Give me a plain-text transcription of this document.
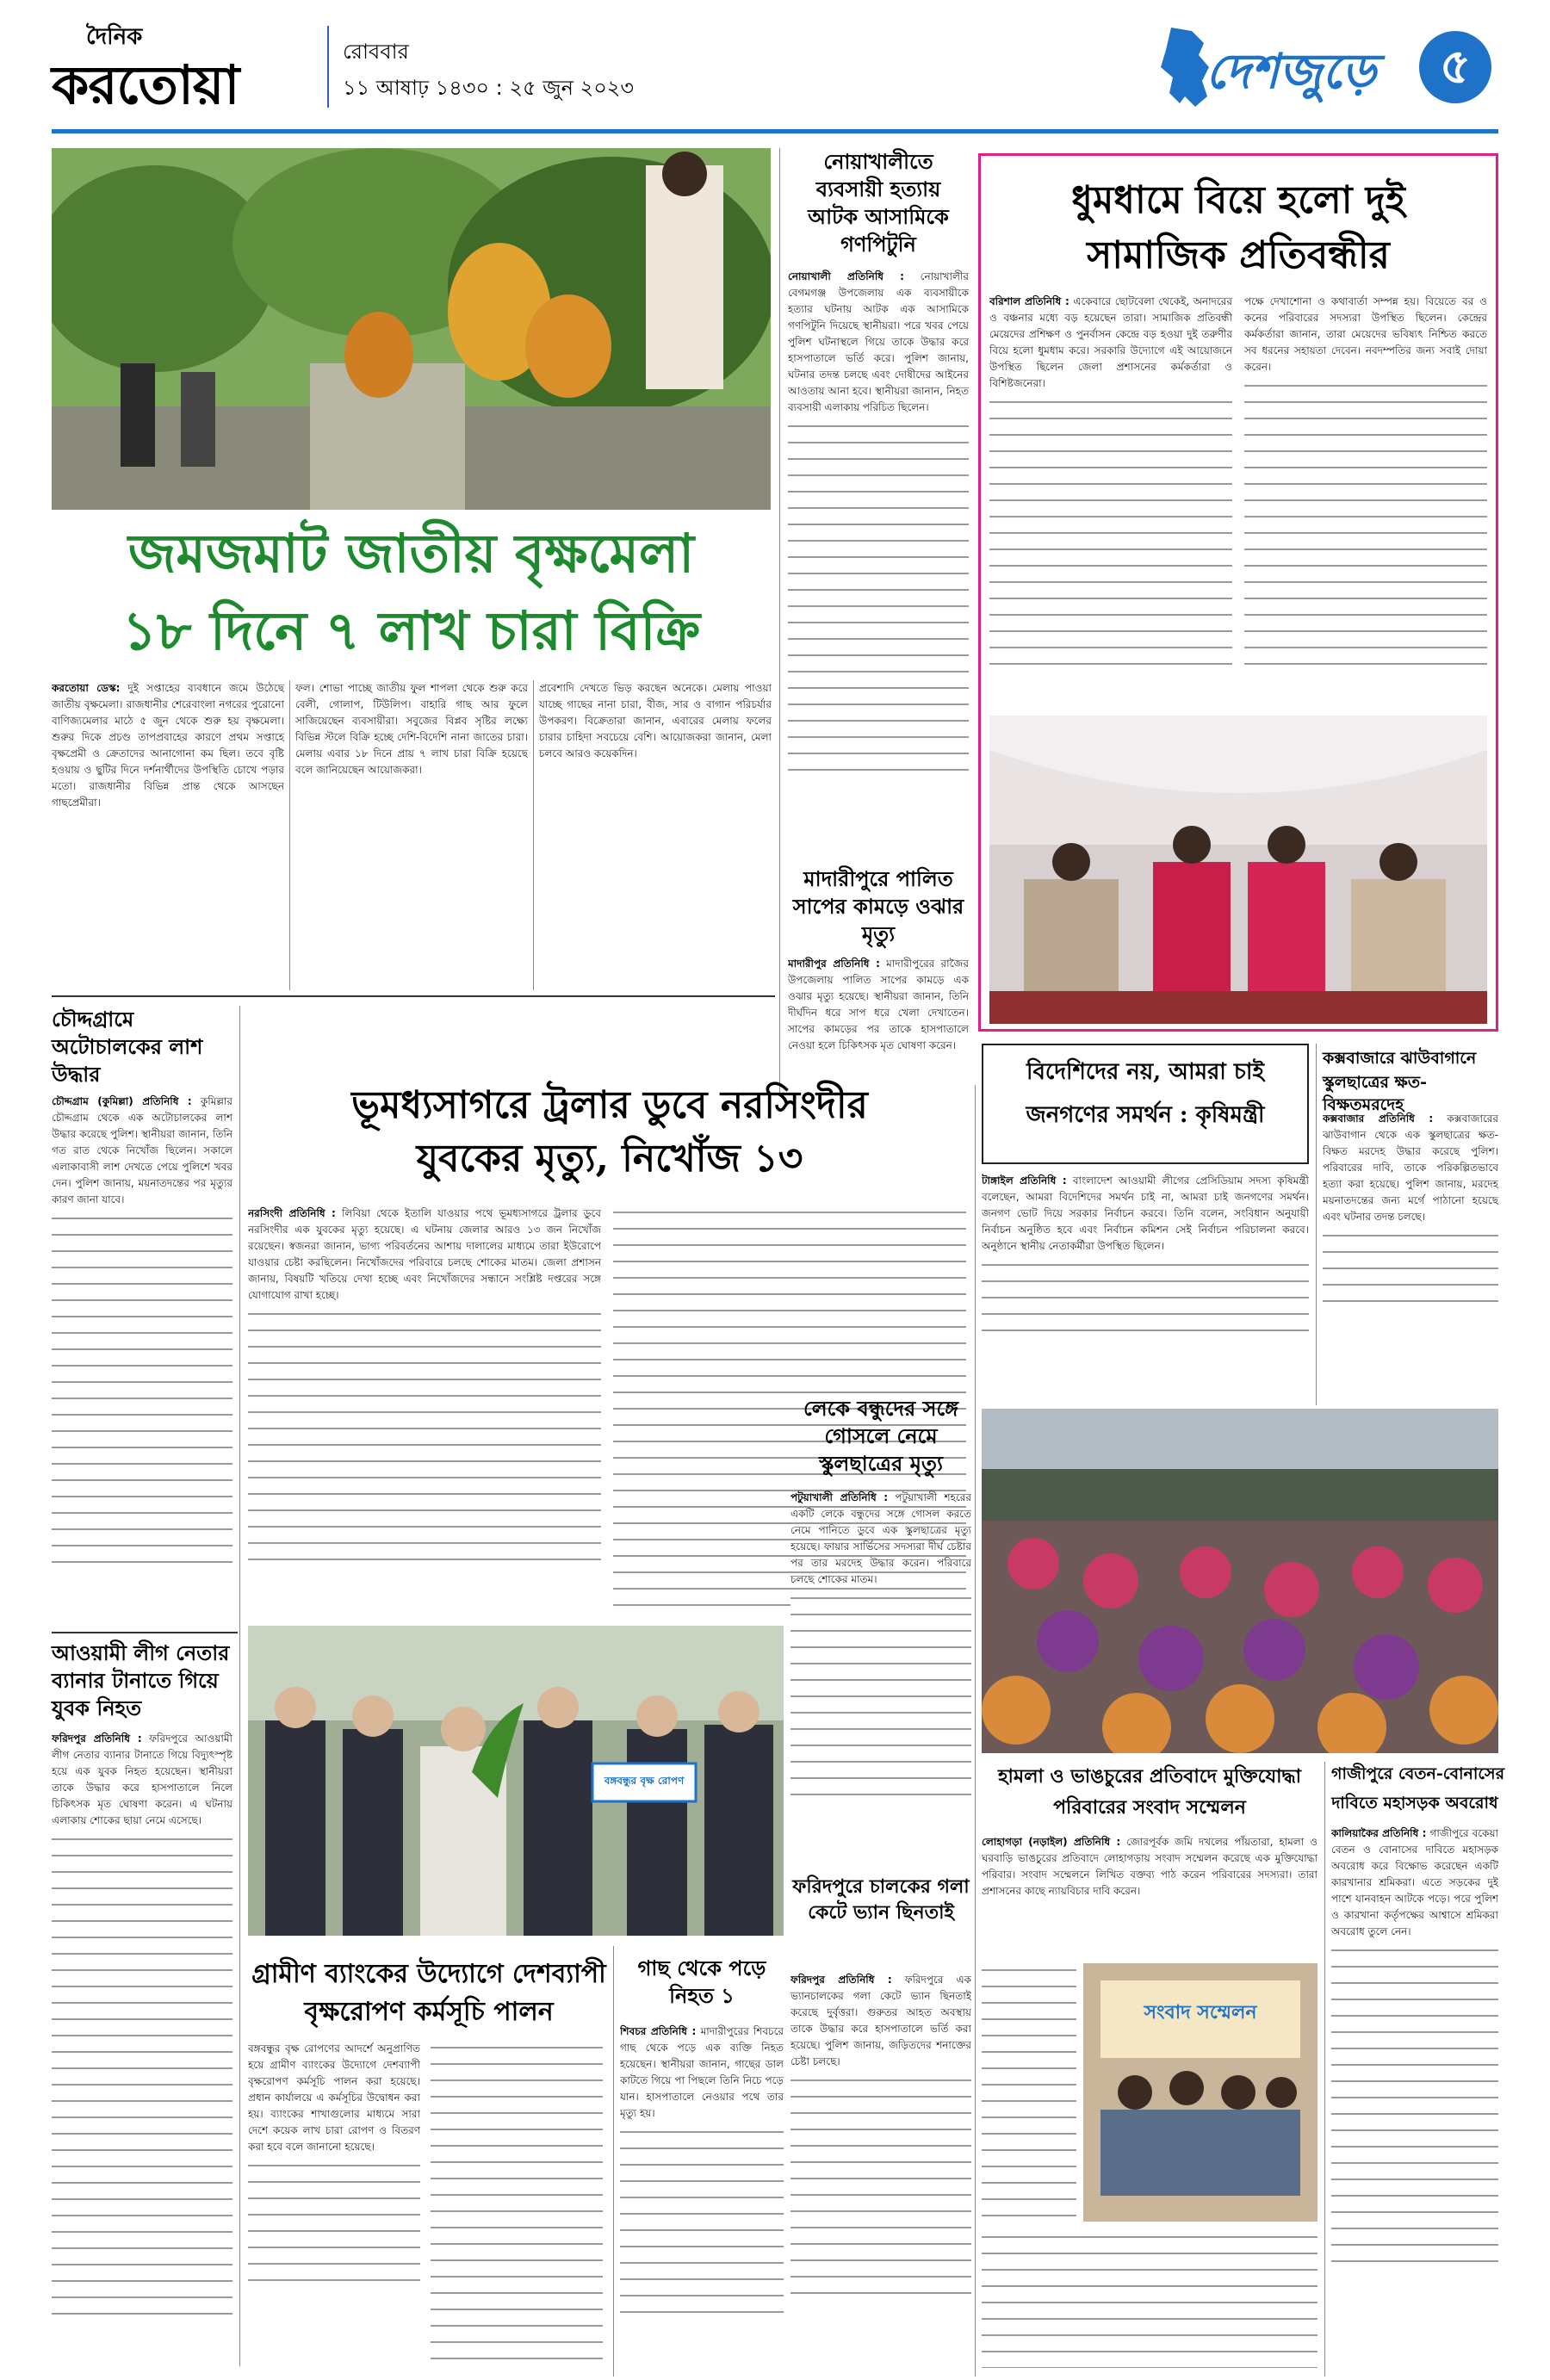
দৈনিক
করতোয়া
রোববার
১১ আষাঢ় ১৪৩০ : ২৫ জুন ২০২৩	দেশজুড়ে	৫
জমজমাট জাতীয় বৃক্ষমেলা
১৮ দিনে ৭ লাখ চারা বিক্রি
করতোয়া ডেস্ক: দুই সপ্তাহের ব্যবধানে জমে উঠেছে জাতীয় বৃক্ষমেলা। রাজধানীর শেরেবাংলা নগরের পুরোনো বাণিজ্যমেলার মাঠে ৫ জুন থেকে শুরু হয় বৃক্ষমেলা। শুরুর দিকে প্রচণ্ড তাপপ্রবাহের কারণে প্রথম সপ্তাহে বৃক্ষপ্রেমী ও ক্রেতাদের আনাগোনা কম ছিল। তবে বৃষ্টি হওয়ায় ও ছুটির দিনে দর্শনার্থীদের উপস্থিতি চোখে পড়ার মতো। রাজধানীর বিভিন্ন প্রান্ত থেকে আসছেন গাছপ্রেমীরা।
ফল। শোভা পাচ্ছে জাতীয় ফুল শাপলা থেকে শুরু করে বেলী, গোলাপ, টিউলিপ। বাহারি গাছ আর ফুলে সাজিয়েছেন ব্যবসায়ীরা। সবুজের বিপ্লব সৃষ্টির লক্ষ্যে বিভিন্ন স্টলে বিক্রি হচ্ছে দেশি-বিদেশি নানা জাতের চারা। মেলায় এবার ১৮ দিনে প্রায় ৭ লাখ চারা বিক্রি হয়েছে বলে জানিয়েছেন আয়োজকরা।
প্রবেশাদি দেখতে ভিড় করছেন অনেকে। মেলায় পাওয়া যাচ্ছে গাছের নানা চারা, বীজ, সার ও বাগান পরিচর্যার উপকরণ। বিক্রেতারা জানান, এবারের মেলায় ফলের চারার চাহিদা সবচেয়ে বেশি। আয়োজকরা জানান, মেলা চলবে আরও কয়েকদিন।
নোয়াখালীতে ব্যবসায়ী হত্যায় আটক আসামিকে গণপিটুনি
নোয়াখালী প্রতিনিধি : নোয়াখালীর বেগমগঞ্জ উপজেলায় এক ব্যবসায়ীকে হত্যার ঘটনায় আটক এক আসামিকে গণপিটুনি দিয়েছে স্থানীয়রা। পরে খবর পেয়ে পুলিশ ঘটনাস্থলে গিয়ে তাকে উদ্ধার করে হাসপাতালে ভর্তি করে। পুলিশ জানায়, ঘটনার তদন্ত চলছে এবং দোষীদের আইনের আওতায় আনা হবে। স্থানীয়রা জানান, নিহত ব্যবসায়ী এলাকায় পরিচিত ছিলেন।
ধুমধামে বিয়ে হলো দুই
সামাজিক প্রতিবন্ধীর
বরিশাল প্রতিনিধি : একেবারে ছোটবেলা থেকেই, অনাদরের ও বঞ্চনার মধ্যে বড় হয়েছেন তারা। সামাজিক প্রতিবন্ধী মেয়েদের প্রশিক্ষণ ও পুনর্বাসন কেন্দ্রে বড় হওয়া দুই তরুণীর বিয়ে হলো ধুমধাম করে। সরকারি উদ্যোগে এই আয়োজনে উপস্থিত ছিলেন জেলা প্রশাসনের কর্মকর্তারা ও বিশিষ্টজনেরা।
পক্ষে দেখাশোনা ও কথাবার্তা সম্পন্ন হয়। বিয়েতে বর ও কনের পরিবারের সদস্যরা উপস্থিত ছিলেন। কেন্দ্রের কর্মকর্তারা জানান, তারা মেয়েদের ভবিষ্যৎ নিশ্চিত করতে সব ধরনের সহায়তা দেবেন। নবদম্পতির জন্য সবাই দোয়া করেন।
মাদারীপুরে পালিত সাপের কামড়ে ওঝার মৃত্যু
মাদারীপুর প্রতিনিধি : মাদারীপুরের রাজৈর উপজেলায় পালিত সাপের কামড়ে এক ওঝার মৃত্যু হয়েছে। স্থানীয়রা জানান, তিনি দীর্ঘদিন ধরে সাপ ধরে খেলা দেখাতেন। সাপের কামড়ের পর তাকে হাসপাতালে নেওয়া হলে চিকিৎসক মৃত ঘোষণা করেন।
চৌদ্দগ্রামে অটোচালকের লাশ উদ্ধার
চৌদ্দগ্রাম (কুমিল্লা) প্রতিনিধি : কুমিল্লার চৌদ্দগ্রাম থেকে এক অটোচালকের লাশ উদ্ধার করেছে পুলিশ। স্থানীয়রা জানান, তিনি গত রাত থেকে নিখোঁজ ছিলেন। সকালে এলাকাবাসী লাশ দেখতে পেয়ে পুলিশে খবর দেন। পুলিশ জানায়, ময়নাতদন্তের পর মৃত্যুর কারণ জানা যাবে।
ভূমধ্যসাগরে ট্রলার ডুবে নরসিংদীর
যুবকের মৃত্যু, নিখোঁজ ১৩
নরসিংদী প্রতিনিধি : লিবিয়া থেকে ইতালি যাওয়ার পথে ভূমধ্যসাগরে ট্রলার ডুবে নরসিংদীর এক যুবকের মৃত্যু হয়েছে। এ ঘটনায় জেলার আরও ১৩ জন নিখোঁজ রয়েছেন। স্বজনরা জানান, ভাগ্য পরিবর্তনের আশায় দালালের মাধ্যমে তারা ইউরোপে যাওয়ার চেষ্টা করছিলেন। নিখোঁজদের পরিবারে চলছে শোকের মাতম। জেলা প্রশাসন জানায়, বিষয়টি খতিয়ে দেখা হচ্ছে এবং নিখোঁজদের সন্ধানে সংশ্লিষ্ট দপ্তরের সঙ্গে যোগাযোগ রাখা হচ্ছে।
বিদেশিদের নয়, আমরা চাই
জনগণের সমর্থন : কৃষিমন্ত্রী
টাঙ্গাইল প্রতিনিধি : বাংলাদেশ আওয়ামী লীগের প্রেসিডিয়াম সদস্য কৃষিমন্ত্রী বলেছেন, আমরা বিদেশিদের সমর্থন চাই না, আমরা চাই জনগণের সমর্থন। জনগণ ভোট দিয়ে সরকার নির্বাচন করবে। তিনি বলেন, সংবিধান অনুযায়ী নির্বাচন অনুষ্ঠিত হবে এবং নির্বাচন কমিশন সেই নির্বাচন পরিচালনা করবে। অনুষ্ঠানে স্থানীয় নেতাকর্মীরা উপস্থিত ছিলেন।
কক্সবাজারে ঝাউবাগানে
স্কুলছাত্রের ক্ষত-বিক্ষতমরদেহ
কক্সবাজার প্রতিনিধি : কক্সবাজারের ঝাউবাগান থেকে এক স্কুলছাত্রের ক্ষত-বিক্ষত মরদেহ উদ্ধার করেছে পুলিশ। পরিবারের দাবি, তাকে পরিকল্পিতভাবে হত্যা করা হয়েছে। পুলিশ জানায়, মরদেহ ময়নাতদন্তের জন্য মর্গে পাঠানো হয়েছে এবং ঘটনার তদন্ত চলছে।
হামলা ও ভাঙচুরের প্রতিবাদে মুক্তিযোদ্ধা
পরিবারের সংবাদ সম্মেলন
লোহাগড়া (নড়াইল) প্রতিনিধি : জোরপূর্বক জমি দখলের পাঁয়তারা, হামলা ও ঘরবাড়ি ভাঙচুরের প্রতিবাদে লোহাগড়ায় সংবাদ সম্মেলন করেছে এক মুক্তিযোদ্ধা পরিবার। সংবাদ সম্মেলনে লিখিত বক্তব্য পাঠ করেন পরিবারের সদস্যরা। তারা প্রশাসনের কাছে ন্যায়বিচার দাবি করেন।
সংবাদ সম্মেলন
গাজীপুরে বেতন-বোনাসের
দাবিতে মহাসড়ক অবরোধ
কালিয়াকৈর প্রতিনিধি : গাজীপুরে বকেয়া বেতন ও বোনাসের দাবিতে মহাসড়ক অবরোধ করে বিক্ষোভ করেছেন একটি কারখানার শ্রমিকরা। এতে সড়কের দুই পাশে যানবাহন আটকে পড়ে। পরে পুলিশ ও কারখানা কর্তৃপক্ষের আশ্বাসে শ্রমিকরা অবরোধ তুলে নেন।
বঙ্গবন্ধুর বৃক্ষ রোপণ
আওয়ামী লীগ নেতার ব্যানার টানাতে গিয়ে যুবক নিহত
ফরিদপুর প্রতিনিধি : ফরিদপুরে আওয়ামী লীগ নেতার ব্যানার টানাতে গিয়ে বিদ্যুৎস্পৃষ্ট হয়ে এক যুবক নিহত হয়েছেন। স্থানীয়রা তাকে উদ্ধার করে হাসপাতালে নিলে চিকিৎসক মৃত ঘোষণা করেন। এ ঘটনায় এলাকায় শোকের ছায়া নেমে এসেছে।
লেকে বন্ধুদের সঙ্গে গোসলে নেমে স্কুলছাত্রের মৃত্যু
পটুয়াখালী প্রতিনিধি : পটুয়াখালী শহরের একটি লেকে বন্ধুদের সঙ্গে গোসল করতে নেমে পানিতে ডুবে এক স্কুলছাত্রের মৃত্যু হয়েছে। ফায়ার সার্ভিসের সদস্যরা দীর্ঘ চেষ্টার পর তার মরদেহ উদ্ধার করেন। পরিবারে চলছে শোকের মাতম।
ফরিদপুরে চালকের গলা কেটে ভ্যান ছিনতাই
ফরিদপুর প্রতিনিধি : ফরিদপুরে এক ভ্যানচালকের গলা কেটে ভ্যান ছিনতাই করেছে দুর্বৃত্তরা। গুরুতর আহত অবস্থায় তাকে উদ্ধার করে হাসপাতালে ভর্তি করা হয়েছে। পুলিশ জানায়, জড়িতদের শনাক্তের চেষ্টা চলছে।
গ্রামীণ ব্যাংকের উদ্যোগে দেশব্যাপী
বৃক্ষরোপণ কর্মসূচি পালন
বঙ্গবন্ধুর বৃক্ষ রোপণের আদর্শে অনুপ্রাণিত হয়ে গ্রামীণ ব্যাংকের উদ্যোগে দেশব্যাপী বৃক্ষরোপণ কর্মসূচি পালন করা হয়েছে। প্রধান কার্যালয়ে এ কর্মসূচির উদ্বোধন করা হয়। ব্যাংকের শাখাগুলোর মাধ্যমে সারা দেশে কয়েক লাখ চারা রোপণ ও বিতরণ করা হবে বলে জানানো হয়েছে।
গাছ থেকে পড়ে নিহত ১
শিবচর প্রতিনিধি : মাদারীপুরের শিবচরে গাছ থেকে পড়ে এক ব্যক্তি নিহত হয়েছেন। স্থানীয়রা জানান, গাছের ডাল কাটতে গিয়ে পা পিছলে তিনি নিচে পড়ে যান। হাসপাতালে নেওয়ার পথে তার মৃত্যু হয়।
